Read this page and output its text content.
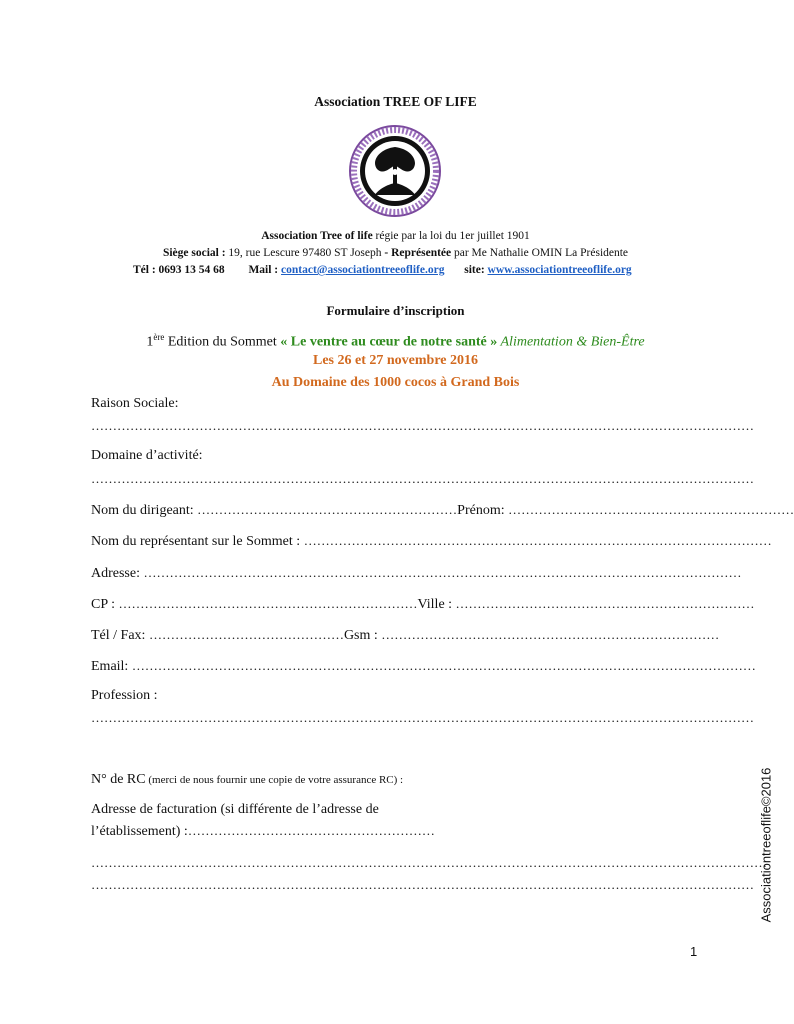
Association TREE OF LIFE
Association Tree of life régie par la loi du 1er juillet 1901
Siège social : 19, rue Lescure 97480 ST Joseph - Représentée par Me Nathalie OMIN La Présidente
Tél : 0693 13 54 68 Mail : contact@associationtreeoflife.org site: www.associationtreeoflife.org
Formulaire d’inscription
1ère Edition du Sommet « Le ventre au cœur de notre santé » Alimentation & Bien-Être
Les 26 et 27 novembre 2016
Au Domaine des 1000 cocos à Grand Bois
Raison Sociale:
………………………………………………………………………………………………………………………………………
Domaine d’activité:
………………………………………………………………………………………………………………………………………
Nom du dirigeant: ……………………………………………………Prénom: …………………………………………………………
Nom du représentant sur le Sommet : ………………………………………………………………………………………………
Adresse: …………………………………………………………………………………………………………………………
CP : ……………………………………………………………Ville : ……………………………………………………………
Tél / Fax: ………………………………………Gsm : ……………………………………………………………………
Email: ………………………………………………………………………………………………………………………………
Profession :
………………………………………………………………………………………………………………………………………
N° de RC (merci de nous fournir une copie de votre assurance RC) :
Adresse de facturation (si différente de l’adresse de
l’établissement) :…………………………………………………
…………………………………………………………………………………………………………………………………………
……………………………………………………………………………………………………………………………………… Associationtreeoflife©2016
1
